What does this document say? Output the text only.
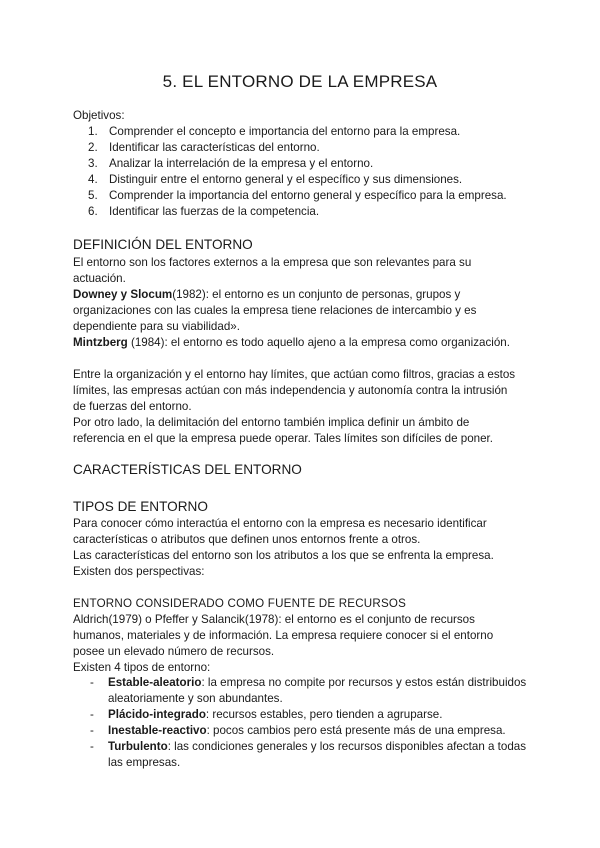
5. EL ENTORNO DE LA EMPRESA
Objetivos:
1. Comprender el concepto e importancia del entorno para la empresa.
2. Identificar las características del entorno.
3. Analizar la interrelación de la empresa y el entorno.
4. Distinguir entre el entorno general y el específico y sus dimensiones.
5. Comprender la importancia del entorno general y específico para la empresa.
6. Identificar las fuerzas de la competencia.
DEFINICIÓN DEL ENTORNO

El entorno son los factores externos a la empresa que son relevantes para su actuación.

Downey y Slocum(1982): el entorno es un conjunto de personas, grupos y organizaciones con las cuales la empresa tiene relaciones de intercambio y es dependiente para su viabilidad».

Mintzberg (1984): el entorno es todo aquello ajeno a la empresa como organización.

Entre la organización y el entorno hay límites, que actúan como filtros, gracias a estos límites, las empresas actúan con más independencia y autonomía contra la intrusión de fuerzas del entorno.

Por otro lado, la delimitación del entorno también implica definir un ámbito de referencia en el que la empresa puede operar. Tales límites son difíciles de poner.

CARACTERÍSTICAS DEL ENTORNO
TIPOS DE ENTORNO

Para conocer cómo interactúa el entorno con la empresa es necesario identificar características o atributos que definen unos entornos frente a otros.

Las características del entorno son los atributos a los que se enfrenta la empresa.

Existen dos perspectivas:

ENTORNO CONSIDERADO COMO FUENTE DE RECURSOS

Aldrich(1979) o Pfeffer y Salancik(1978): el entorno es el conjunto de recursos humanos, materiales y de información. La empresa requiere conocer si el entorno posee un elevado número de recursos.

Existen 4 tipos de entorno:

- Estable-aleatorio: la empresa no compite por recursos y estos están distribuidos aleatoriamente y son abundantes.
- Plácido-integrado: recursos estables, pero tienden a agruparse.
- Inestable-reactivo: pocos cambios pero está presente más de una empresa.
- Turbulento: las condiciones generales y los recursos disponibles afectan a todas las empresas.
